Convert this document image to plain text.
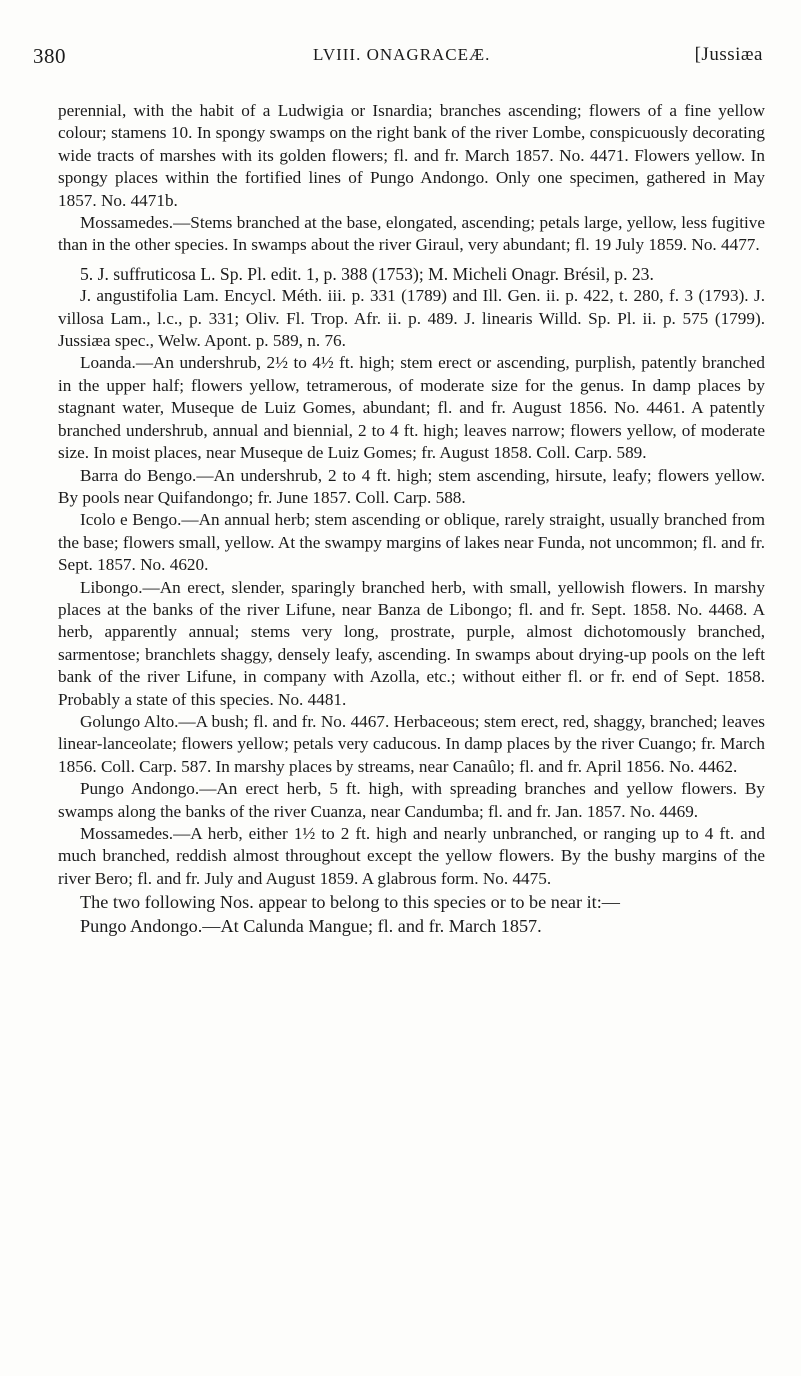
380	LVIII. ONAGRACEÆ.	[Jussiæa

perennial, with the habit of a Ludwigia or Isnardia; branches ascending; flowers of a fine yellow colour; stamens 10. In spongy swamps on the right bank of the river Lombe, conspicuously decorating wide tracts of marshes with its golden flowers; fl. and fr. March 1857. No. 4471. Flowers yellow. In spongy places within the fortified lines of Pungo Andongo. Only one specimen, gathered in May 1857. No. 4471b.

Mossamedes.—Stems branched at the base, elongated, ascending; petals large, yellow, less fugitive than in the other species. In swamps about the river Giraul, very abundant; fl. 19 July 1859. No. 4477.

5. J. suffruticosa L. Sp. Pl. edit. 1, p. 388 (1753); M. Micheli Onagr. Brésil, p. 23.

J. angustifolia Lam. Encycl. Méth. iii. p. 331 (1789) and Ill. Gen. ii. p. 422, t. 280, f. 3 (1793). J. villosa Lam., l.c., p. 331; Oliv. Fl. Trop. Afr. ii. p. 489. J. linearis Willd. Sp. Pl. ii. p. 575 (1799). Jussiæa spec., Welw. Apont. p. 589, n. 76.

Loanda.—An undershrub, 2½ to 4½ ft. high; stem erect or ascending, purplish, patently branched in the upper half; flowers yellow, tetramerous, of moderate size for the genus. In damp places by stagnant water, Museque de Luiz Gomes, abundant; fl. and fr. August 1856. No. 4461. A patently branched undershrub, annual and biennial, 2 to 4 ft. high; leaves narrow; flowers yellow, of moderate size. In moist places, near Museque de Luiz Gomes; fr. August 1858. Coll. Carp. 589.

Barra do Bengo.—An undershrub, 2 to 4 ft. high; stem ascending, hirsute, leafy; flowers yellow. By pools near Quifandongo; fr. June 1857. Coll. Carp. 588.

Icolo e Bengo.—An annual herb; stem ascending or oblique, rarely straight, usually branched from the base; flowers small, yellow. At the swampy margins of lakes near Funda, not uncommon; fl. and fr. Sept. 1857. No. 4620.

Libongo.—An erect, slender, sparingly branched herb, with small, yellowish flowers. In marshy places at the banks of the river Lifune, near Banza de Libongo; fl. and fr. Sept. 1858. No. 4468. A herb, apparently annual; stems very long, prostrate, purple, almost dichotomously branched, sarmentose; branchlets shaggy, densely leafy, ascending. In swamps about drying-up pools on the left bank of the river Lifune, in company with Azolla, etc.; without either fl. or fr. end of Sept. 1858. Probably a state of this species. No. 4481.

Golungo Alto.—A bush; fl. and fr. No. 4467. Herbaceous; stem erect, red, shaggy, branched; leaves linear-lanceolate; flowers yellow; petals very caducous. In damp places by the river Cuango; fr. March 1856. Coll. Carp. 587. In marshy places by streams, near Canaûlo; fl. and fr. April 1856. No. 4462.

Pungo Andongo.—An erect herb, 5 ft. high, with spreading branches and yellow flowers. By swamps along the banks of the river Cuanza, near Candumba; fl. and fr. Jan. 1857. No. 4469.

Mossamedes.—A herb, either 1½ to 2 ft. high and nearly unbranched, or ranging up to 4 ft. and much branched, reddish almost throughout except the yellow flowers. By the bushy margins of the river Bero; fl. and fr. July and August 1859. A glabrous form. No. 4475.

The two following Nos. appear to belong to this species or to be near it:—

Pungo Andongo.—At Calunda Mangue; fl. and fr. March 1857.
